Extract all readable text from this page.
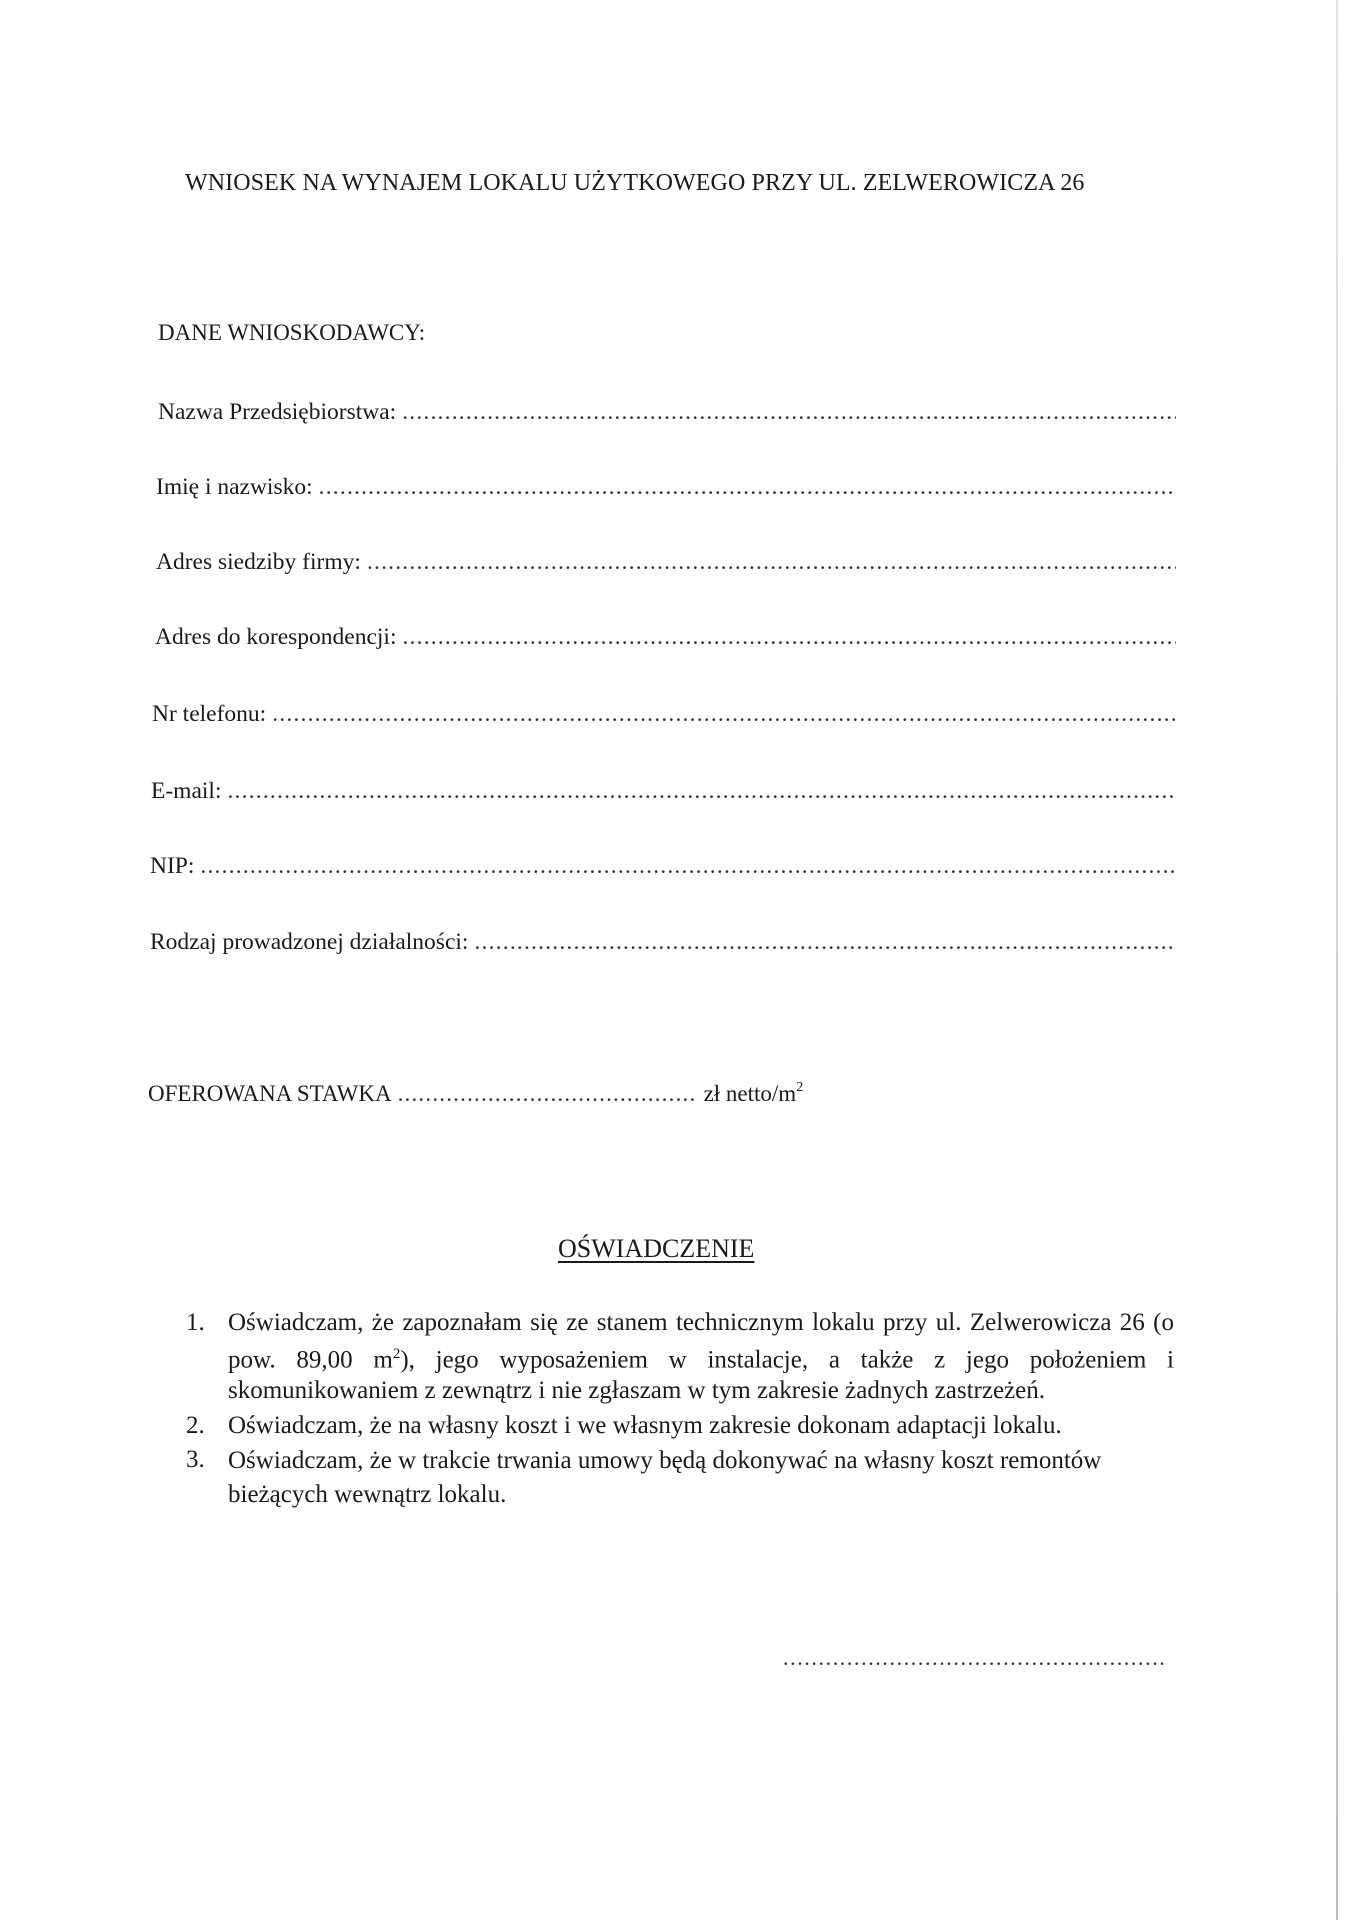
WNIOSEK NA WYNAJEM LOKALU UŻYTKOWEGO PRZY UL. ZELWEROWICZA 26
DANE WNIOSKODAWCY:
Nazwa Przedsiębiorstwa:
.....
Imię i nazwisko:
.....
Adres siedziby firmy:
.....
Adres do korespondencji:
.....
Nr telefonu:
.....
E-mail:
.....
NIP:
.....
Rodzaj prowadzonej działalności:
.....
OFEROWANA STAWKA
.....	zł netto/$m^2$
OŚWIADCZENIE
1. Oświadczam, że zapoznałam się ze stanem technicznym lokalu przy ul. Zelwerowicza 26 (o pow. 89,00 $m^2$), jego wyposażeniem w instalacje, a także z jego położeniem i skomunikowaniem z zewnątrz i nie zgłaszam w tym zakresie żadnych zastrzeżeń.
2. Oświadczam, że na własny koszt i we własnym zakresie dokonam adaptacji lokalu.
3. Oświadczam, że w trakcie trwania umowy będą dokonywać na własny koszt remontów bieżących wewnątrz lokalu.
.....
